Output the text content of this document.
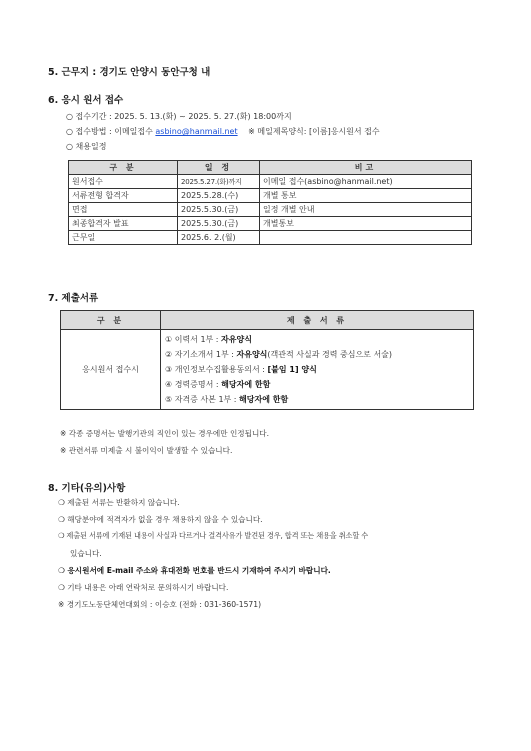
5. 근무지 : 경기도 안양시 동안구청 내
6. 응시 원서 접수
○ 접수기간 : 2025. 5. 13.(화) ~ 2025. 5. 27.(화) 18:00까지
○ 접수방법 : 이메일접수 asbino@hanmail.net ※ 메일제목양식: [이름]응시원서 접수
○ 채용일정
구 분	일 정	비고
원서접수	2025.5.27.(화)까지	이메일 접수(asbino@hanmail.net)
서류전형 합격자	2025.5.28.(수)	개별 통보
면접	2025.5.30.(금)	일정 개별 안내
최종합격자 발표	2025.5.30.(금)	개별통보
근무일	2025.6. 2.(월)	
7. 제출서류
구 분	제 출 서 류
응시원서 접수시	① 이력서 1부 : 자유양식
② 자기소개서 1부 : 자유양식(객관적 사실과 경력 중심으로 서술)
③ 개인정보수집활용동의서 : [붙임 1] 양식
④ 경력증명서 : 해당자에 한함
⑤ 자격증 사본 1부 : 해당자에 한함
※ 각종 증명서는 발행기관의 직인이 있는 경우에만 인정됩니다.
※ 관련서류 미제출 시 불이익이 발생할 수 있습니다.
8. 기타(유의)사항
❍ 제출된 서류는 반환하지 않습니다.
❍ 해당분야에 적격자가 없을 경우 채용하지 않을 수 있습니다.
❍ 제출된 서류에 기재된 내용이 사실과 다르거나 결격사유가 발견된 경우, 합격 또는 채용을 취소할 수
있습니다.
❍ 응시원서에 E-mail 주소와 휴대전화 번호를 반드시 기재하여 주시기 바랍니다.
❍ 기타 내용은 아래 연락처로 문의하시기 바랍니다.
※ 경기도노동단체연대회의 : 이승호 (전화 : 031-360-1571)
